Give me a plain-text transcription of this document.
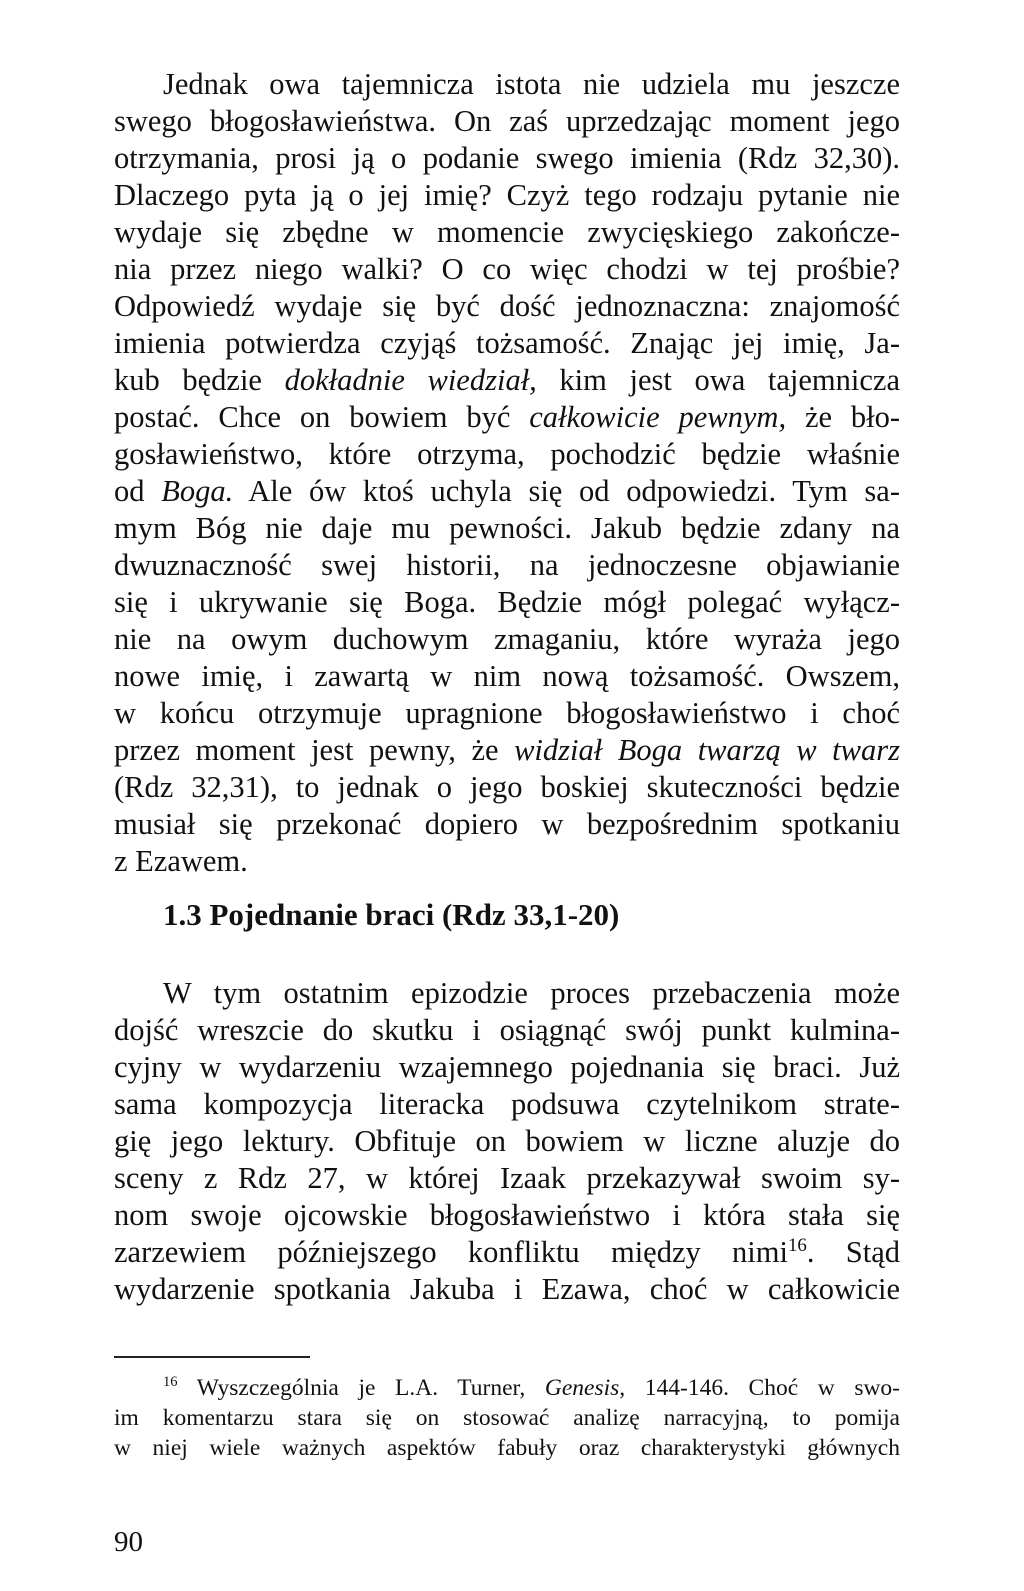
Jednak owa tajemnicza istota nie udziela mu jeszcze
swego błogosławieństwa. On zaś uprzedzając moment jego
otrzymania, prosi ją o podanie swego imienia (Rdz 32,30).
Dlaczego pyta ją o jej imię? Czyż tego rodzaju pytanie nie
wydaje się zbędne w momencie zwycięskiego zakończe-
nia przez niego walki? O co więc chodzi w tej prośbie?
Odpowiedź wydaje się być dość jednoznaczna: znajomość
imienia potwierdza czyjąś tożsamość. Znając jej imię, Ja-
kub będzie dokładnie wiedział, kim jest owa tajemnicza
postać. Chce on bowiem być całkowicie pewnym, że bło-
gosławieństwo, które otrzyma, pochodzić będzie właśnie
od Boga. Ale ów ktoś uchyla się od odpowiedzi. Tym sa-
mym Bóg nie daje mu pewności. Jakub będzie zdany na
dwuznaczność swej historii, na jednoczesne objawianie
się i ukrywanie się Boga. Będzie mógł polegać wyłącz-
nie na owym duchowym zmaganiu, które wyraża jego
nowe imię, i zawartą w nim nową tożsamość. Owszem,
w końcu otrzymuje upragnione błogosławieństwo i choć
przez moment jest pewny, że widział Boga twarzą w twarz
(Rdz 32,31), to jednak o jego boskiej skuteczności będzie
musiał się przekonać dopiero w bezpośrednim spotkaniu
z Ezawem.
1.3 Pojednanie braci (Rdz 33,1-20)
W tym ostatnim epizodzie proces przebaczenia może
dojść wreszcie do skutku i osiągnąć swój punkt kulmina-
cyjny w wydarzeniu wzajemnego pojednania się braci. Już
sama kompozycja literacka podsuwa czytelnikom strate-
gię jego lektury. Obfituje on bowiem w liczne aluzje do
sceny z Rdz 27, w której Izaak przekazywał swoim sy-
nom swoje ojcowskie błogosławieństwo i która stała się
zarzewiem późniejszego konfliktu między nimi$^{16}$. Stąd
wydarzenie spotkania Jakuba i Ezawa, choć w całkowicie
$^{16}$ Wyszczególnia je L.A. Turner, Genesis, 144-146. Choć w swo-
im komentarzu stara się on stosować analizę narracyjną, to pomija
w niej wiele ważnych aspektów fabuły oraz charakterystyki głównych
90
